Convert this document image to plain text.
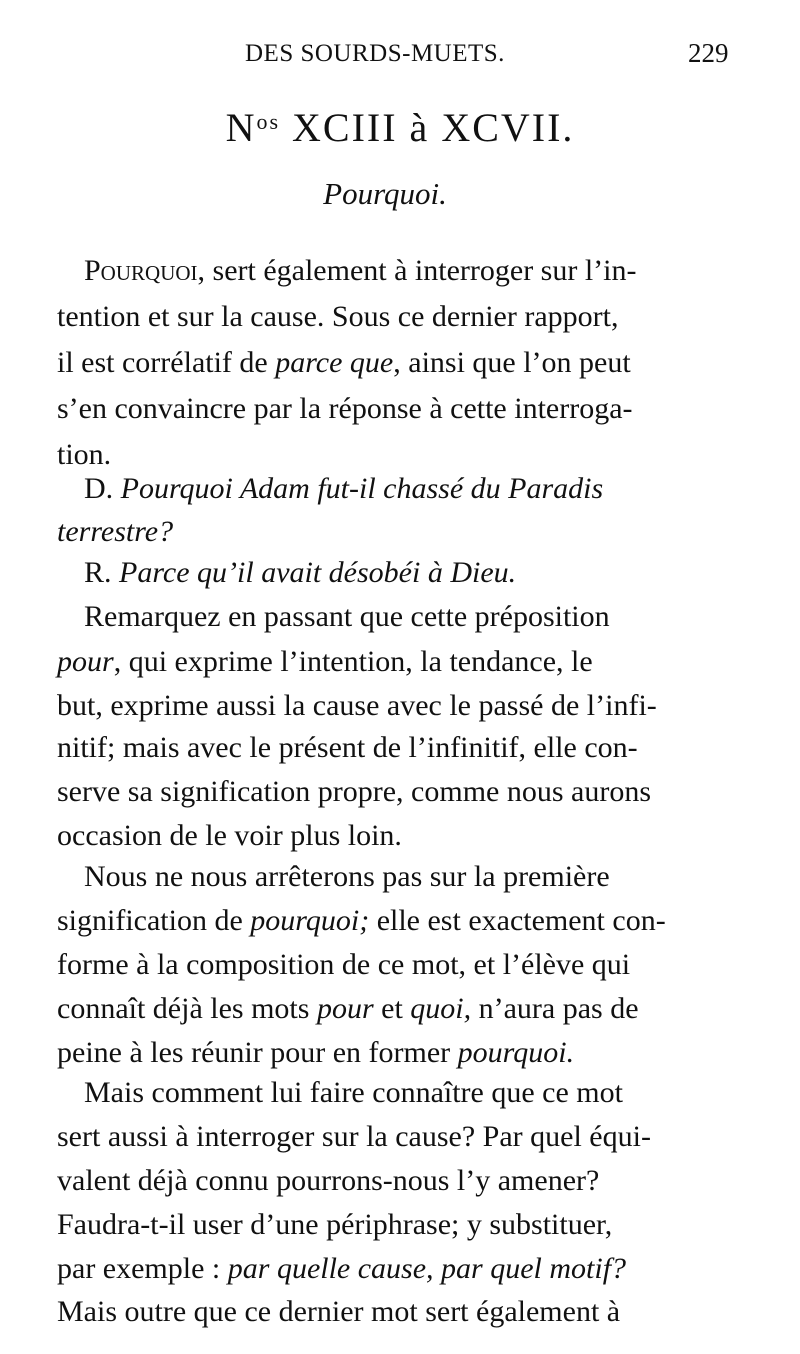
DES SOURDS-MUETS.	229
$N^{os}$ XCIII à XCVII.
Pourquoi.
Pourquoi, sert également à interroger sur l’in-
tention et sur la cause. Sous ce dernier rapport,
il est corrélatif de parce que, ainsi que l’on peut
s’en convaincre par la réponse à cette interroga-
tion.
D. Pourquoi Adam fut-il chassé du Paradis
terrestre?
R. Parce qu’il avait désobéi à Dieu.
Remarquez en passant que cette préposition
pour, qui exprime l’intention, la tendance, le
but, exprime aussi la cause avec le passé de l’infi-
nitif; mais avec le présent de l’infinitif, elle con-
serve sa signification propre, comme nous aurons
occasion de le voir plus loin.
Nous ne nous arrêterons pas sur la première
signification de pourquoi; elle est exactement con-
forme à la composition de ce mot, et l’élève qui
connaît déjà les mots pour et quoi, n’aura pas de
peine à les réunir pour en former pourquoi.
Mais comment lui faire connaître que ce mot
sert aussi à interroger sur la cause? Par quel équi-
valent déjà connu pourrons-nous l’y amener?
Faudra-t-il user d’une périphrase; y substituer,
par exemple : par quelle cause, par quel motif?
Mais outre que ce dernier mot sert également à
